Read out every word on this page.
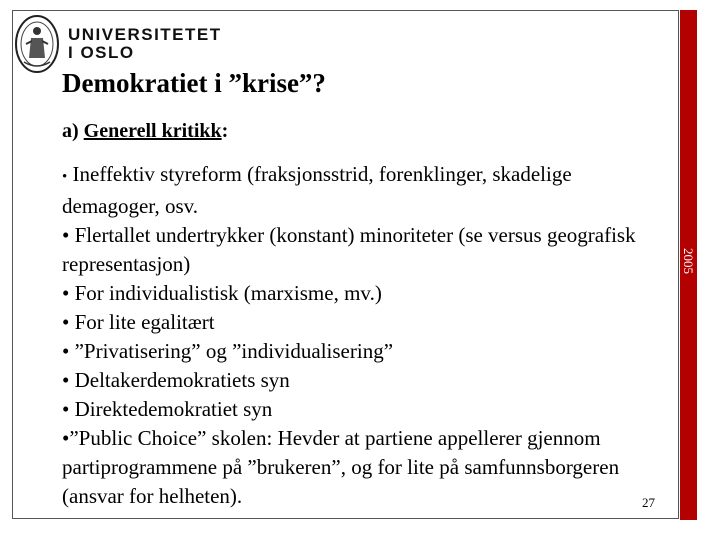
UNIVERSITETET
I OSLO
Demokratiet i ”krise”?

a) Generell kritikk:

• Ineffektiv styreform (fraksjonsstrid, forenklinger, skadelige demagoger, osv.
• Flertallet undertrykker (konstant) minoriteter (se versus geografisk representasjon)
• For individualistisk (marxisme, mv.)
• For lite egalitært
• ”Privatisering” og ”individualisering”
• Deltakerdemokratiets syn
• Direktedemokratiet syn
•”Public Choice” skolen: Hevder at partiene appellerer gjennom partiprogrammene på ”brukeren”, og for lite på samfunnsborgeren (ansvar for helheten).	27
2005
